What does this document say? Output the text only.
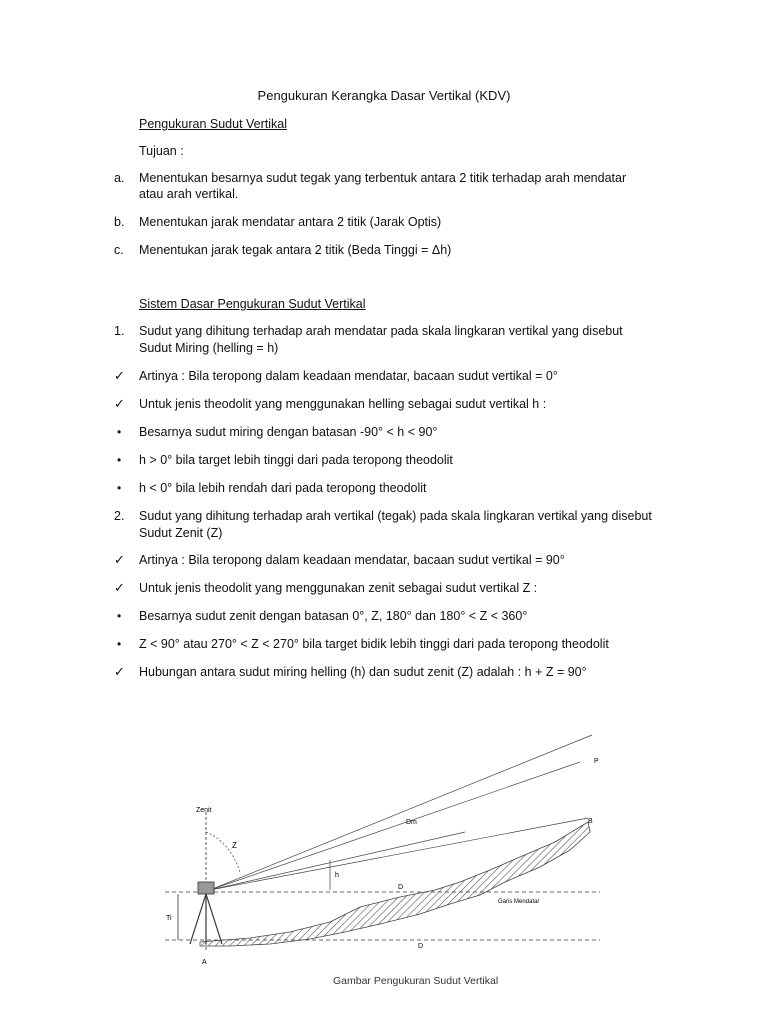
Pengukuran Kerangka Dasar Vertikal (KDV)
Pengukuran Sudut Vertikal
Tujuan :
a.	Menentukan besarnya sudut tegak yang terbentuk antara 2 titik terhadap arah mendatar
atau arah vertikal.
b.	Menentukan jarak mendatar antara 2 titik (Jarak Optis)
c.	Menentukan jarak tegak antara 2 titik (Beda Tinggi = Δh)
Sistem Dasar Pengukuran Sudut Vertikal
1.	Sudut yang dihitung terhadap arah mendatar pada skala lingkaran vertikal yang disebut
Sudut Miring (helling = h)
✓	Artinya : Bila teropong dalam keadaan mendatar, bacaan sudut vertikal = 0°
✓	Untuk jenis theodolit yang menggunakan helling sebagai sudut vertikal h :
•	Besarnya sudut miring dengan batasan -90° < h < 90°
•	h > 0° bila target lebih tinggi dari pada teropong theodolit
•	h < 0° bila lebih rendah dari pada teropong theodolit
2.	Sudut yang dihitung terhadap arah vertikal (tegak) pada skala lingkaran vertikal yang disebut
Sudut Zenit (Z)
✓	Artinya : Bila teropong dalam keadaan mendatar, bacaan sudut vertikal = 90°
✓	Untuk jenis theodolit yang menggunakan zenit sebagai sudut vertikal Z :
•	Besarnya sudut zenit dengan batasan 0°, Z, 180° dan 180° < Z < 360°
•	Z < 90° atau 270° < Z < 270° bila target bidik lebih tinggi dari pada teropong theodolit
✓	Hubungan antara sudut miring helling (h) dan sudut zenit (Z) adalah : h + Z = 90°
Zenit
Z
h
Dm
D
D
P
B
A
Ti
Garis Mendatar
Gambar Pengukuran Sudut Vertikal
